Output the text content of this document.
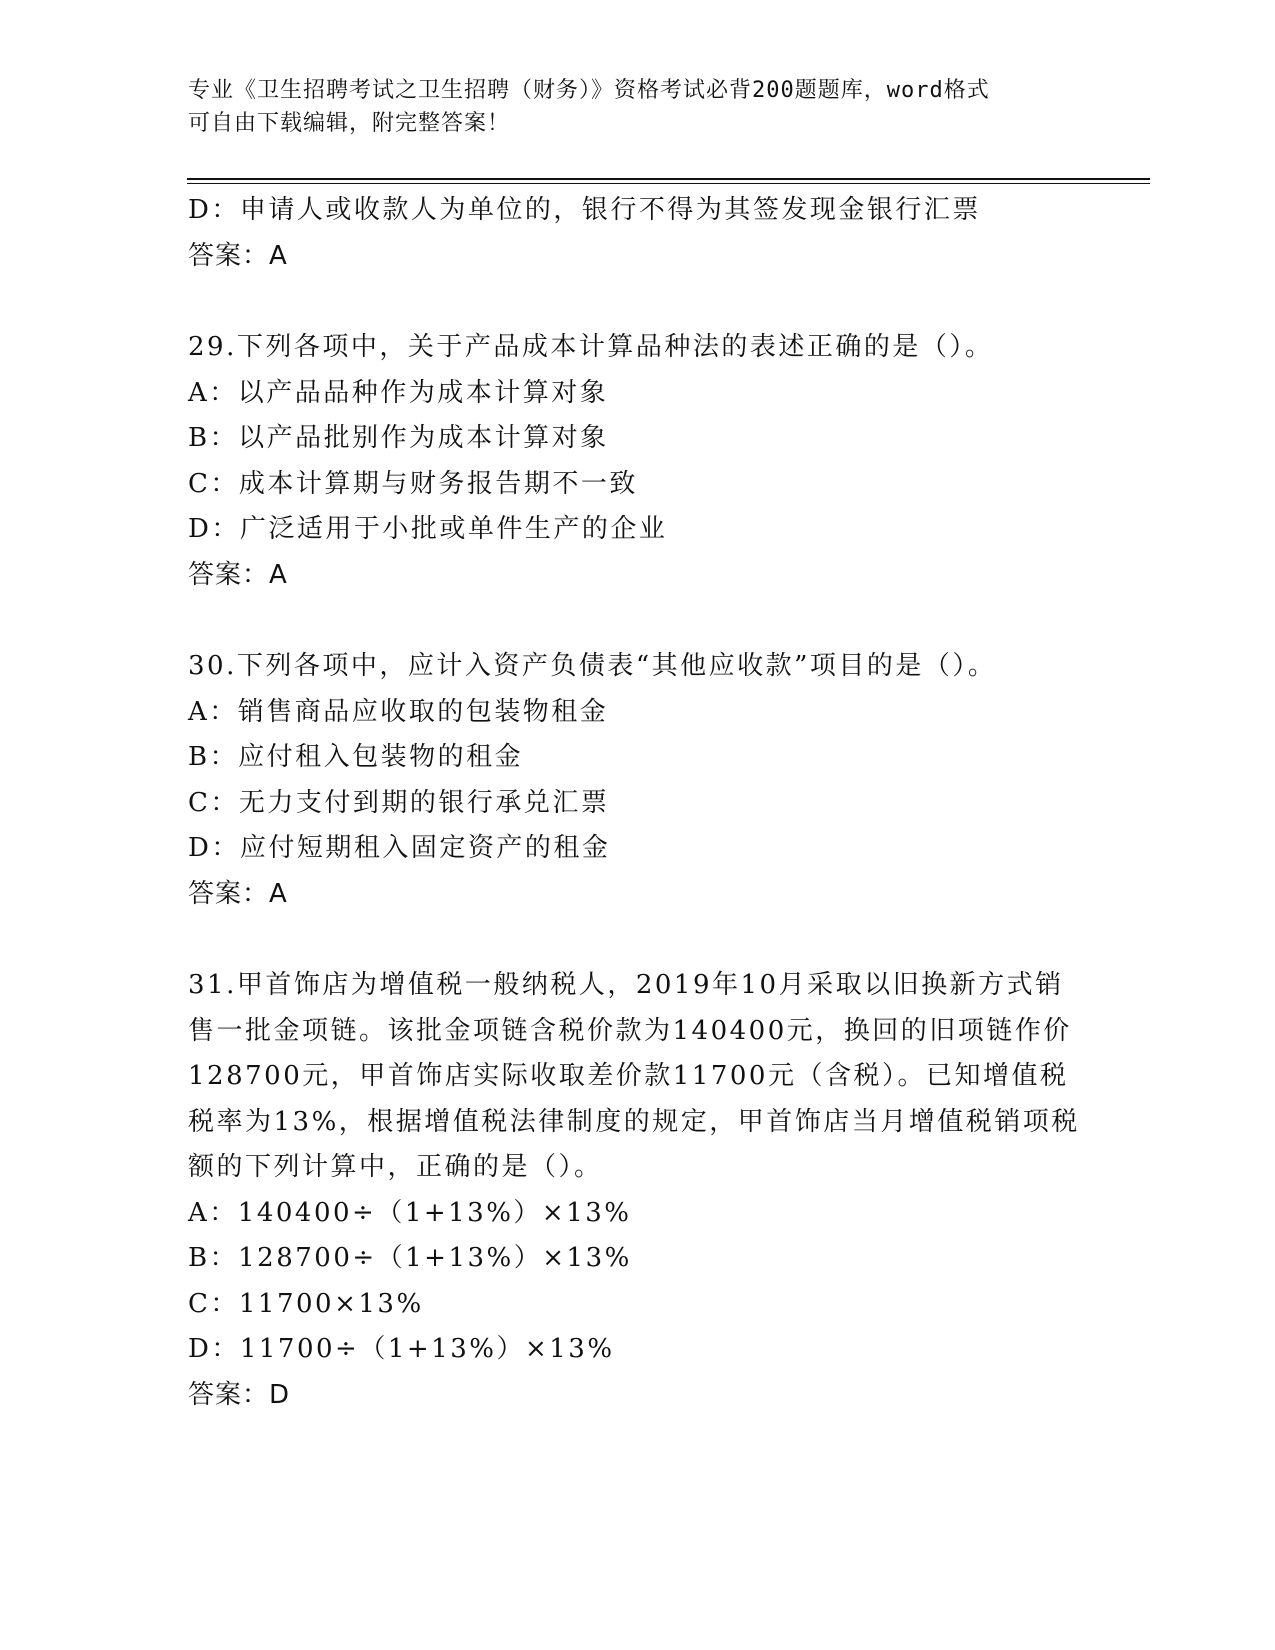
专业《卫生招聘考试之卫生招聘（财务）》资格考试必背200题题库，word格式

可自由下载编辑，附完整答案！

D：申请人或收款人为单位的，银行不得为其签发现金银行汇票
答案：A
29.下列各项中，关于产品成本计算品种法的表述正确的是（）。
A：以产品品种作为成本计算对象
B：以产品批别作为成本计算对象
C：成本计算期与财务报告期不一致
D：广泛适用于小批或单件生产的企业
答案：A
30.下列各项中，应计入资产负债表“其他应收款”项目的是（）。
A：销售商品应收取的包装物租金
B：应付租入包装物的租金
C：无力支付到期的银行承兑汇票
D：应付短期租入固定资产的租金
答案：A
31.甲首饰店为增值税一般纳税人，2019年10月采取以旧换新方式销
售一批金项链。该批金项链含税价款为140400元，换回的旧项链作价
128700元，甲首饰店实际收取差价款11700元（含税）。已知增值税
税率为13%，根据增值税法律制度的规定，甲首饰店当月增值税销项税
额的下列计算中，正确的是（）。
A：140400÷（1+13%）×13%
B：128700÷（1+13%）×13%
C：11700×13%
D：11700÷（1+13%）×13%
答案：D
